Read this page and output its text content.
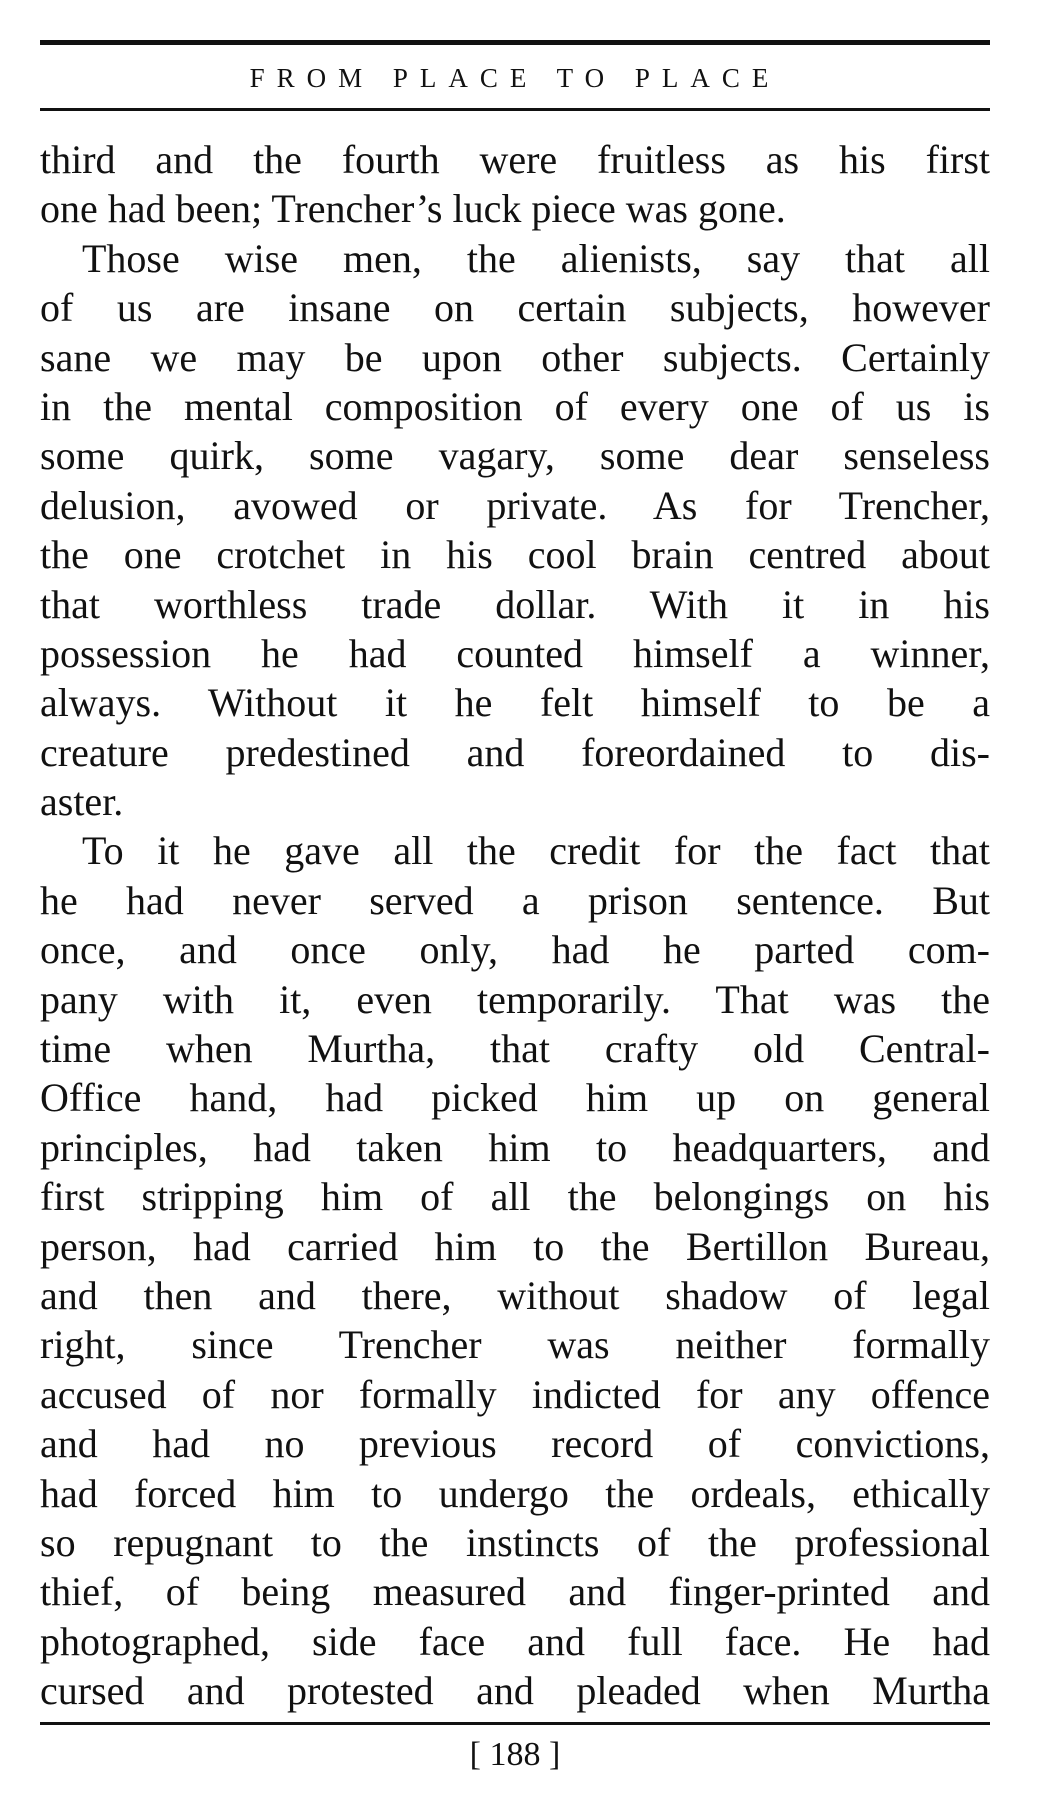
FROM PLACE TO PLACE
third and the fourth were fruitless as his first
one had been; Trencher’s luck piece was gone.
Those wise men, the alienists, say that all
of us are insane on certain subjects, however
sane we may be upon other subjects. Certainly
in the mental composition of every one of us is
some quirk, some vagary, some dear senseless
delusion, avowed or private. As for Trencher,
the one crotchet in his cool brain centred about
that worthless trade dollar. With it in his
possession he had counted himself a winner,
always. Without it he felt himself to be a
creature predestined and foreordained to dis-
aster.
To it he gave all the credit for the fact that
he had never served a prison sentence. But
once, and once only, had he parted com-
pany with it, even temporarily. That was the
time when Murtha, that crafty old Central-
Office hand, had picked him up on general
principles, had taken him to headquarters, and
first stripping him of all the belongings on his
person, had carried him to the Bertillon Bureau,
and then and there, without shadow of legal
right, since Trencher was neither formally
accused of nor formally indicted for any offence
and had no previous record of convictions,
had forced him to undergo the ordeals, ethically
so repugnant to the instincts of the professional
thief, of being measured and finger-printed and
photographed, side face and full face. He had
cursed and protested and pleaded when Murtha
[ 188 ]
